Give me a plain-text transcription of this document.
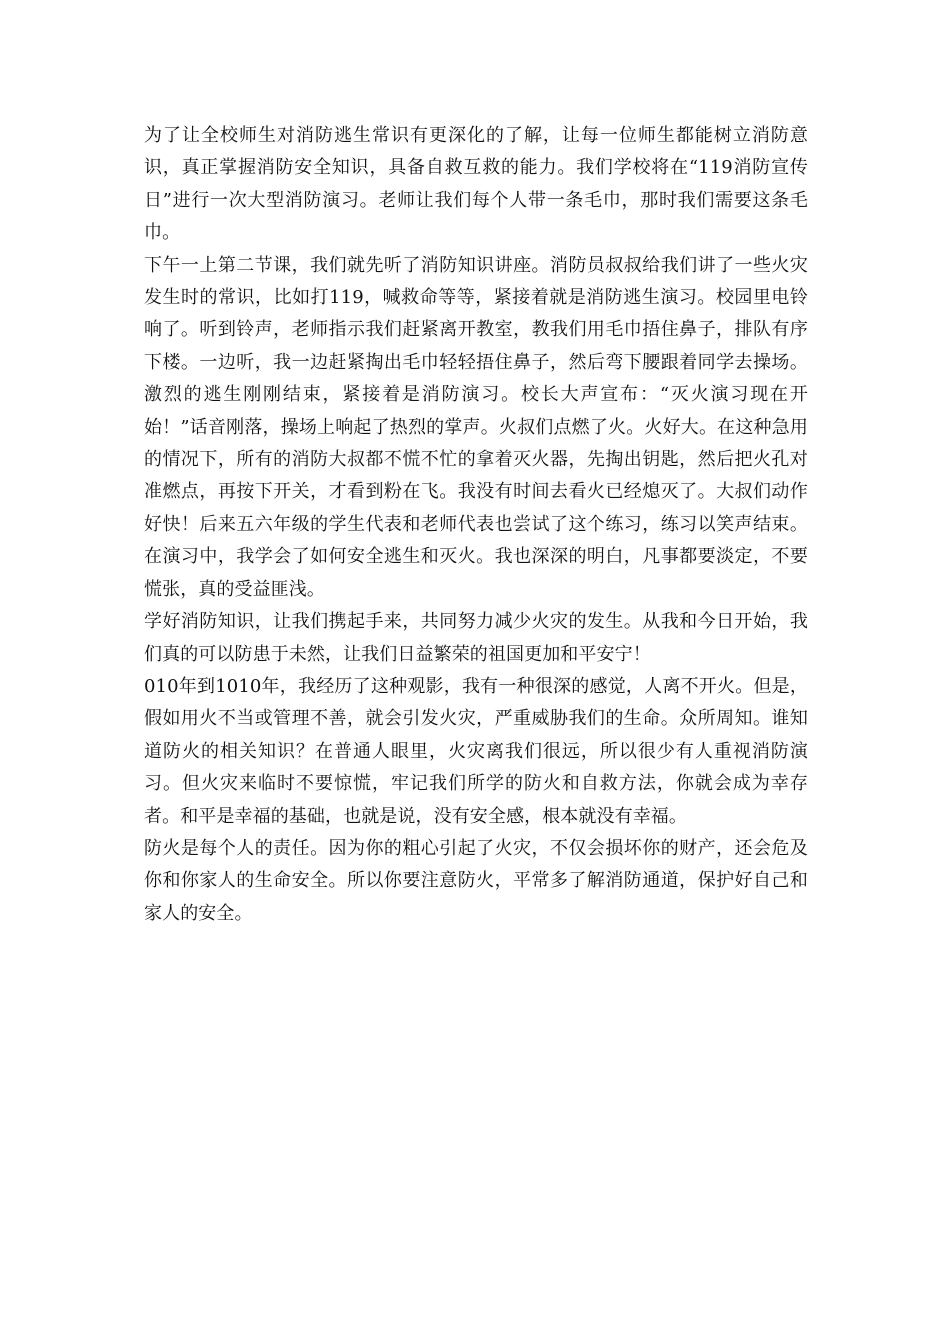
为了让全校师生对消防逃生常识有更深化的了解，让每一位师生都能树立消防意识，真正掌握消防安全知识，具备自救互救的能力。我们学校将在“119消防宣传日”进行一次大型消防演习。老师让我们每个人带一条毛巾，那时我们需要这条毛巾。

下午一上第二节课，我们就先听了消防知识讲座。消防员叔叔给我们讲了一些火灾发生时的常识，比如打119，喊救命等等，紧接着就是消防逃生演习。校园里电铃响了。听到铃声，老师指示我们赶紧离开教室，教我们用毛巾捂住鼻子，排队有序下楼。一边听，我一边赶紧掏出毛巾轻轻捂住鼻子，然后弯下腰跟着同学去操场。激烈的逃生刚刚结束，紧接着是消防演习。校长大声宣布：“灭火演习现在开始！”话音刚落，操场上响起了热烈的掌声。火叔们点燃了火。火好大。在这种急用的情况下，所有的消防大叔都不慌不忙的拿着灭火器，先掏出钥匙，然后把火孔对准燃点，再按下开关，才看到粉在飞。我没有时间去看火已经熄灭了。大叔们动作好快！后来五六年级的学生代表和老师代表也尝试了这个练习，练习以笑声结束。在演习中，我学会了如何安全逃生和灭火。我也深深的明白，凡事都要淡定，不要慌张，真的受益匪浅。

学好消防知识，让我们携起手来，共同努力减少火灾的发生。从我和今日开始，我们真的可以防患于未然，让我们日益繁荣的祖国更加和平安宁！

010年到1010年，我经历了这种观影，我有一种很深的感觉，人离不开火。但是，假如用火不当或管理不善，就会引发火灾，严重威胁我们的生命。众所周知。谁知道防火的相关知识？在普通人眼里，火灾离我们很远，所以很少有人重视消防演习。但火灾来临时不要惊慌，牢记我们所学的防火和自救方法，你就会成为幸存者。和平是幸福的基础，也就是说，没有安全感，根本就没有幸福。

防火是每个人的责任。因为你的粗心引起了火灾，不仅会损坏你的财产，还会危及你和你家人的生命安全。所以你要注意防火，平常多了解消防通道，保护好自己和家人的安全。
